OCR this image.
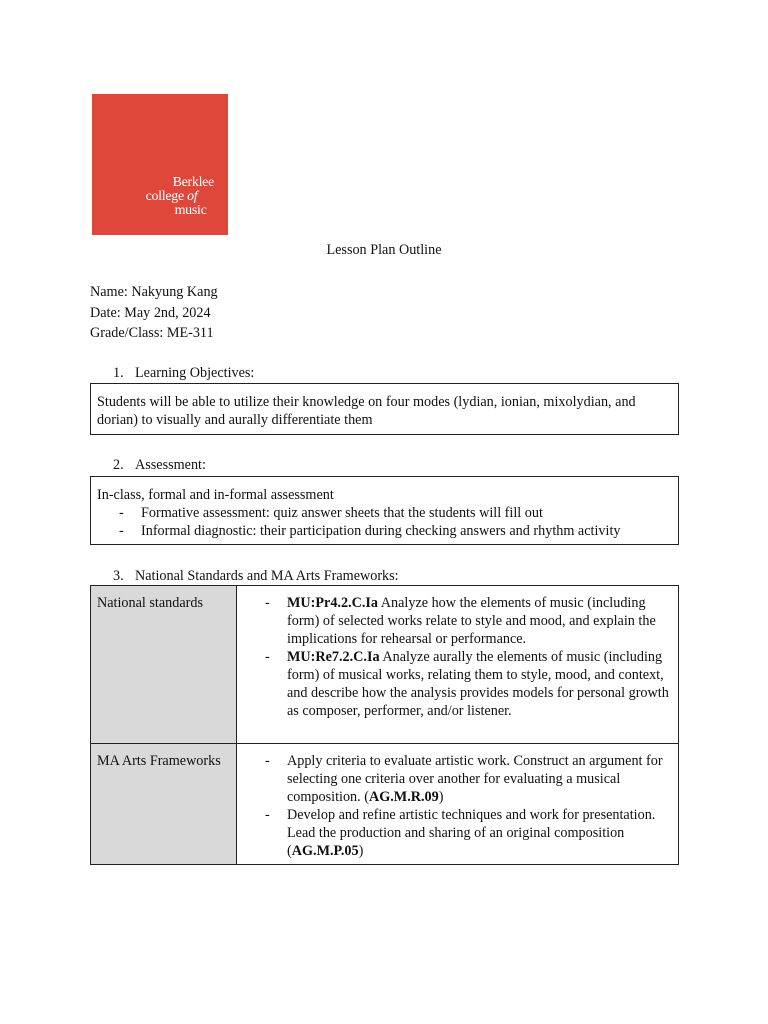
Berklee
college of
music
Lesson Plan Outline
Name: Nakyung Kang
Date: May 2nd, 2024
Grade/Class: ME-311
1. Learning Objectives:
Students will be able to utilize their knowledge on four modes (lydian, ionian, mixolydian, and dorian) to visually and aurally differentiate them
2. Assessment:
In-class, formal and in-formal assessment
-	Formative assessment: quiz answer sheets that the students will fill out
-	Informal diagnostic: their participation during checking answers and rhythm activity
3. National Standards and MA Arts Frameworks:
National standards	- MU:Pr4.2.C.Ia Analyze how the elements of music (including form) of selected works relate to style and mood, and explain the implications for rehearsal or performance.
- MU:Re7.2.C.Ia Analyze aurally the elements of music (including form) of musical works, relating them to style, mood, and context, and describe how the analysis provides models for personal growth as composer, performer, and/or listener.

MA Arts Frameworks	- Apply criteria to evaluate artistic work. Construct an argument for selecting one criteria over another for evaluating a musical composition. (AG.M.R.09)
- Develop and refine artistic techniques and work for presentation. Lead the production and sharing of an original composition (AG.M.P.05)
